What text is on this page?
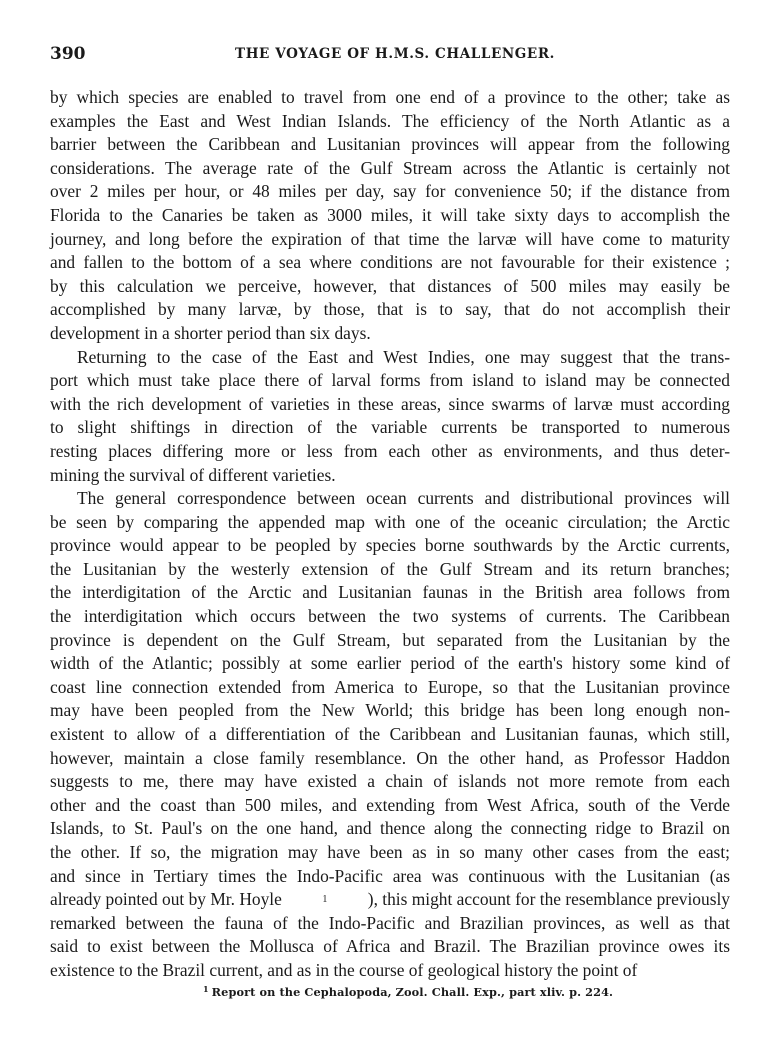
390	THE VOYAGE OF H.M.S. CHALLENGER.
by which species are enabled to travel from one end of a province to the other; take as
examples the East and West Indian Islands. The efficiency of the North Atlantic as a
barrier between the Caribbean and Lusitanian provinces will appear from the following
considerations. The average rate of the Gulf Stream across the Atlantic is certainly not
over 2 miles per hour, or 48 miles per day, say for convenience 50; if the distance from
Florida to the Canaries be taken as 3000 miles, it will take sixty days to accomplish the
journey, and long before the expiration of that time the larvæ will have come to maturity
and fallen to the bottom of a sea where conditions are not favourable for their existence ;
by this calculation we perceive, however, that distances of 500 miles may easily be
accomplished by many larvæ, by those, that is to say, that do not accomplish their
development in a shorter period than six days.
Returning to the case of the East and West Indies, one may suggest that the trans-
port which must take place there of larval forms from island to island may be connected
with the rich development of varieties in these areas, since swarms of larvæ must according
to slight shiftings in direction of the variable currents be transported to numerous
resting places differing more or less from each other as environments, and thus deter-
mining the survival of different varieties.
The general correspondence between ocean currents and distributional provinces will
be seen by comparing the appended map with one of the oceanic circulation; the Arctic
province would appear to be peopled by species borne southwards by the Arctic currents,
the Lusitanian by the westerly extension of the Gulf Stream and its return branches;
the interdigitation of the Arctic and Lusitanian faunas in the British area follows from
the interdigitation which occurs between the two systems of currents. The Caribbean
province is dependent on the Gulf Stream, but separated from the Lusitanian by the
width of the Atlantic; possibly at some earlier period of the earth's history some kind of
coast line connection extended from America to Europe, so that the Lusitanian province
may have been peopled from the New World; this bridge has been long enough non-
existent to allow of a differentiation of the Caribbean and Lusitanian faunas, which still,
however, maintain a close family resemblance. On the other hand, as Professor Haddon
suggests to me, there may have existed a chain of islands not more remote from each
other and the coast than 500 miles, and extending from West Africa, south of the Verde
Islands, to St. Paul's on the one hand, and thence along the connecting ridge to Brazil on
the other. If so, the migration may have been as in so many other cases from the east;
and since in Tertiary times the Indo-Pacific area was continuous with the Lusitanian (as
already pointed out by Mr. Hoyle	1 ), this might account for the resemblance previously
remarked between the fauna of the Indo-Pacific and Brazilian provinces, as well as that
said to exist between the Mollusca of Africa and Brazil. The Brazilian province owes its
existence to the Brazil current, and as in the course of geological history the point of
$^1$ Report on the Cephalopoda, Zool. Chall. Exp., part xliv. p. 224.
